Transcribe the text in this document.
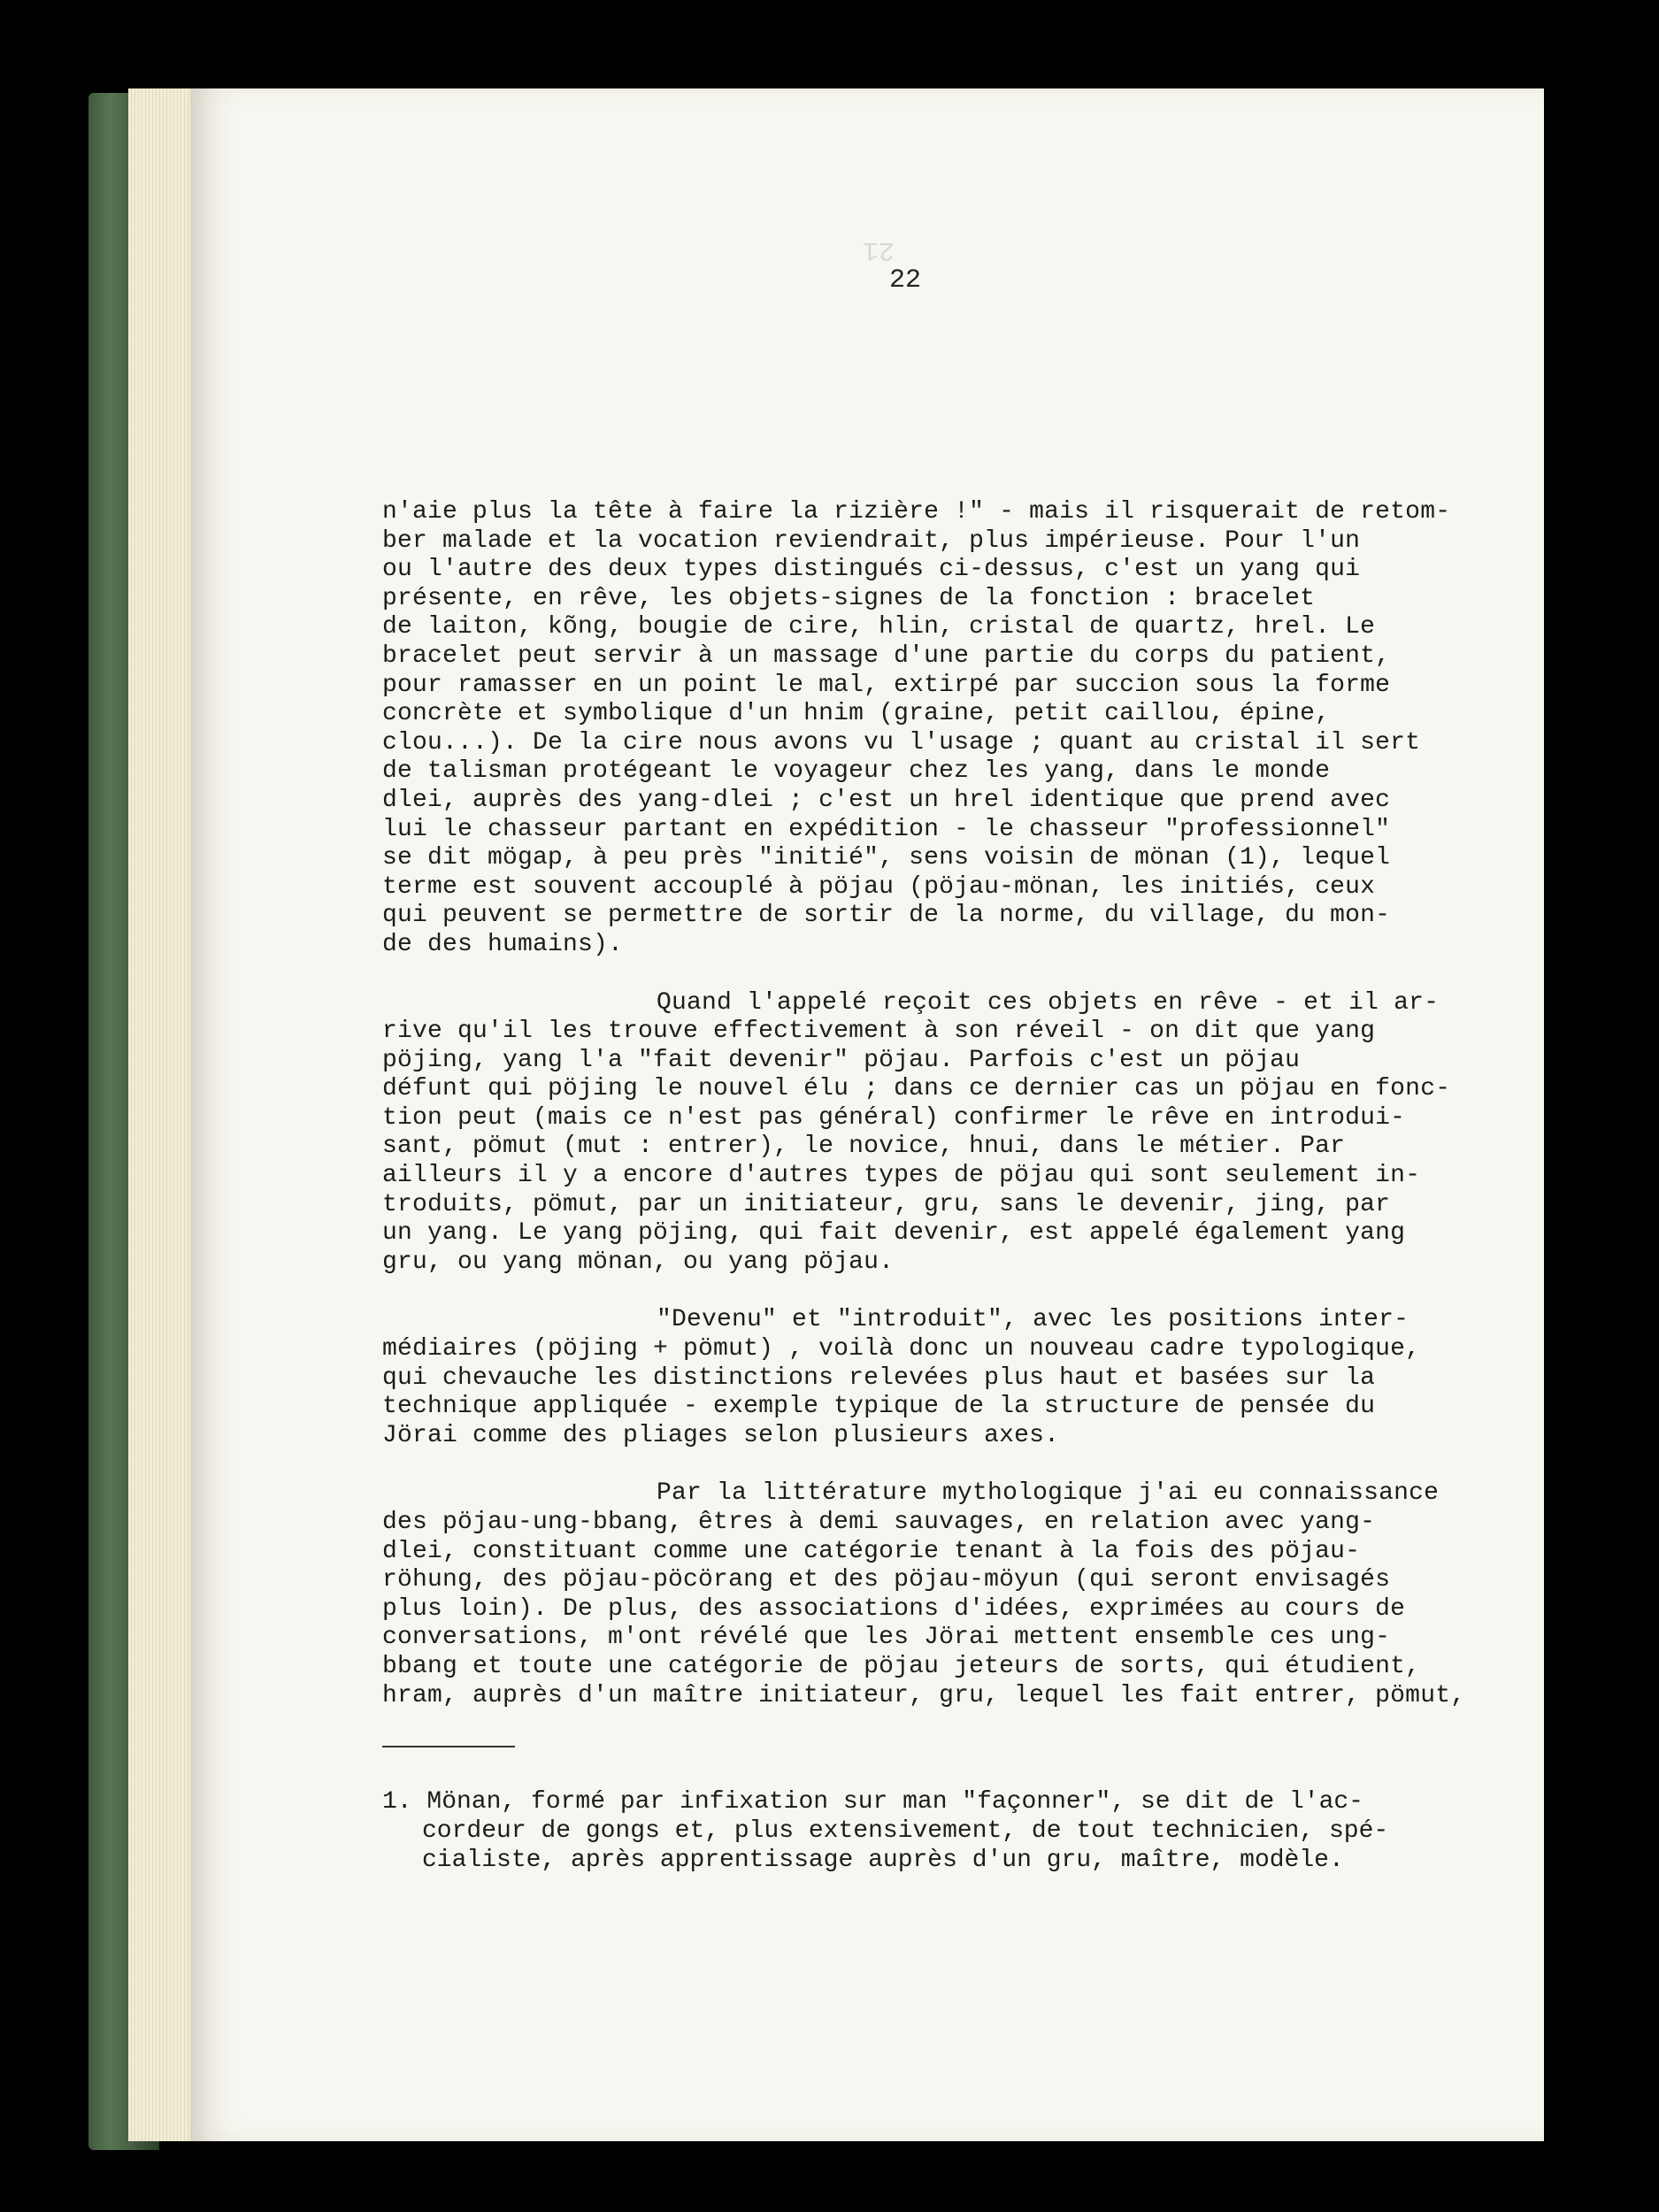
21
22

n'aie plus la tête à faire la rizière !" - mais il risquerait de retom-

ber malade et la vocation reviendrait, plus impérieuse. Pour l'un

ou l'autre des deux types distingués ci-dessus, c'est un yang qui

présente, en rêve, les objets-signes de la fonction : bracelet

de laiton, kõng, bougie de cire, hlin, cristal de quartz, hrel. Le

bracelet peut servir à un massage d'une partie du corps du patient,

pour ramasser en un point le mal, extirpé par succion sous la forme

concrète et symbolique d'un hnim (graine, petit caillou, épine,

clou...). De la cire nous avons vu l'usage ; quant au cristal il sert

de talisman protégeant le voyageur chez les yang, dans le monde

dlei, auprès des yang-dlei ; c'est un hrel identique que prend avec

lui le chasseur partant en expédition - le chasseur "professionnel"

se dit mögap, à peu près "initié", sens voisin de mönan (1), lequel

terme est souvent accouplé à pöjau (pöjau-mönan, les initiés, ceux

qui peuvent se permettre de sortir de la norme, du village, du mon-

de des humains).

Quand l'appelé reçoit ces objets en rêve - et il ar-

rive qu'il les trouve effectivement à son réveil - on dit que yang

pöjing, yang l'a "fait devenir" pöjau. Parfois c'est un pöjau

défunt qui pöjing le nouvel élu ; dans ce dernier cas un pöjau en fonc-

tion peut (mais ce n'est pas général) confirmer le rêve en introdui-

sant, pömut (mut : entrer), le novice, hnui, dans le métier. Par

ailleurs il y a encore d'autres types de pöjau qui sont seulement in-

troduits, pömut, par un initiateur, gru, sans le devenir, jing, par

un yang. Le yang pöjing, qui fait devenir, est appelé également yang

gru, ou yang mönan, ou yang pöjau.

"Devenu" et "introduit", avec les positions inter-

médiaires (pöjing + pömut) , voilà donc un nouveau cadre typologique,

qui chevauche les distinctions relevées plus haut et basées sur la

technique appliquée - exemple typique de la structure de pensée du

Jörai comme des pliages selon plusieurs axes.

Par la littérature mythologique j'ai eu connaissance

des pöjau-ung-bbang, êtres à demi sauvages, en relation avec yang-

dlei, constituant comme une catégorie tenant à la fois des pöjau-

röhung, des pöjau-pöcörang et des pöjau-möyun (qui seront envisagés

plus loin). De plus, des associations d'idées, exprimées au cours de

conversations, m'ont révélé que les Jörai mettent ensemble ces ung-

bbang et toute une catégorie de pöjau jeteurs de sorts, qui étudient,

hram, auprès d'un maître initiateur, gru, lequel les fait entrer, pömut,

1. Mönan, formé par infixation sur man "façonner", se dit de l'ac-

cordeur de gongs et, plus extensivement, de tout technicien, spé-

cialiste, après apprentissage auprès d'un gru, maître, modèle.
